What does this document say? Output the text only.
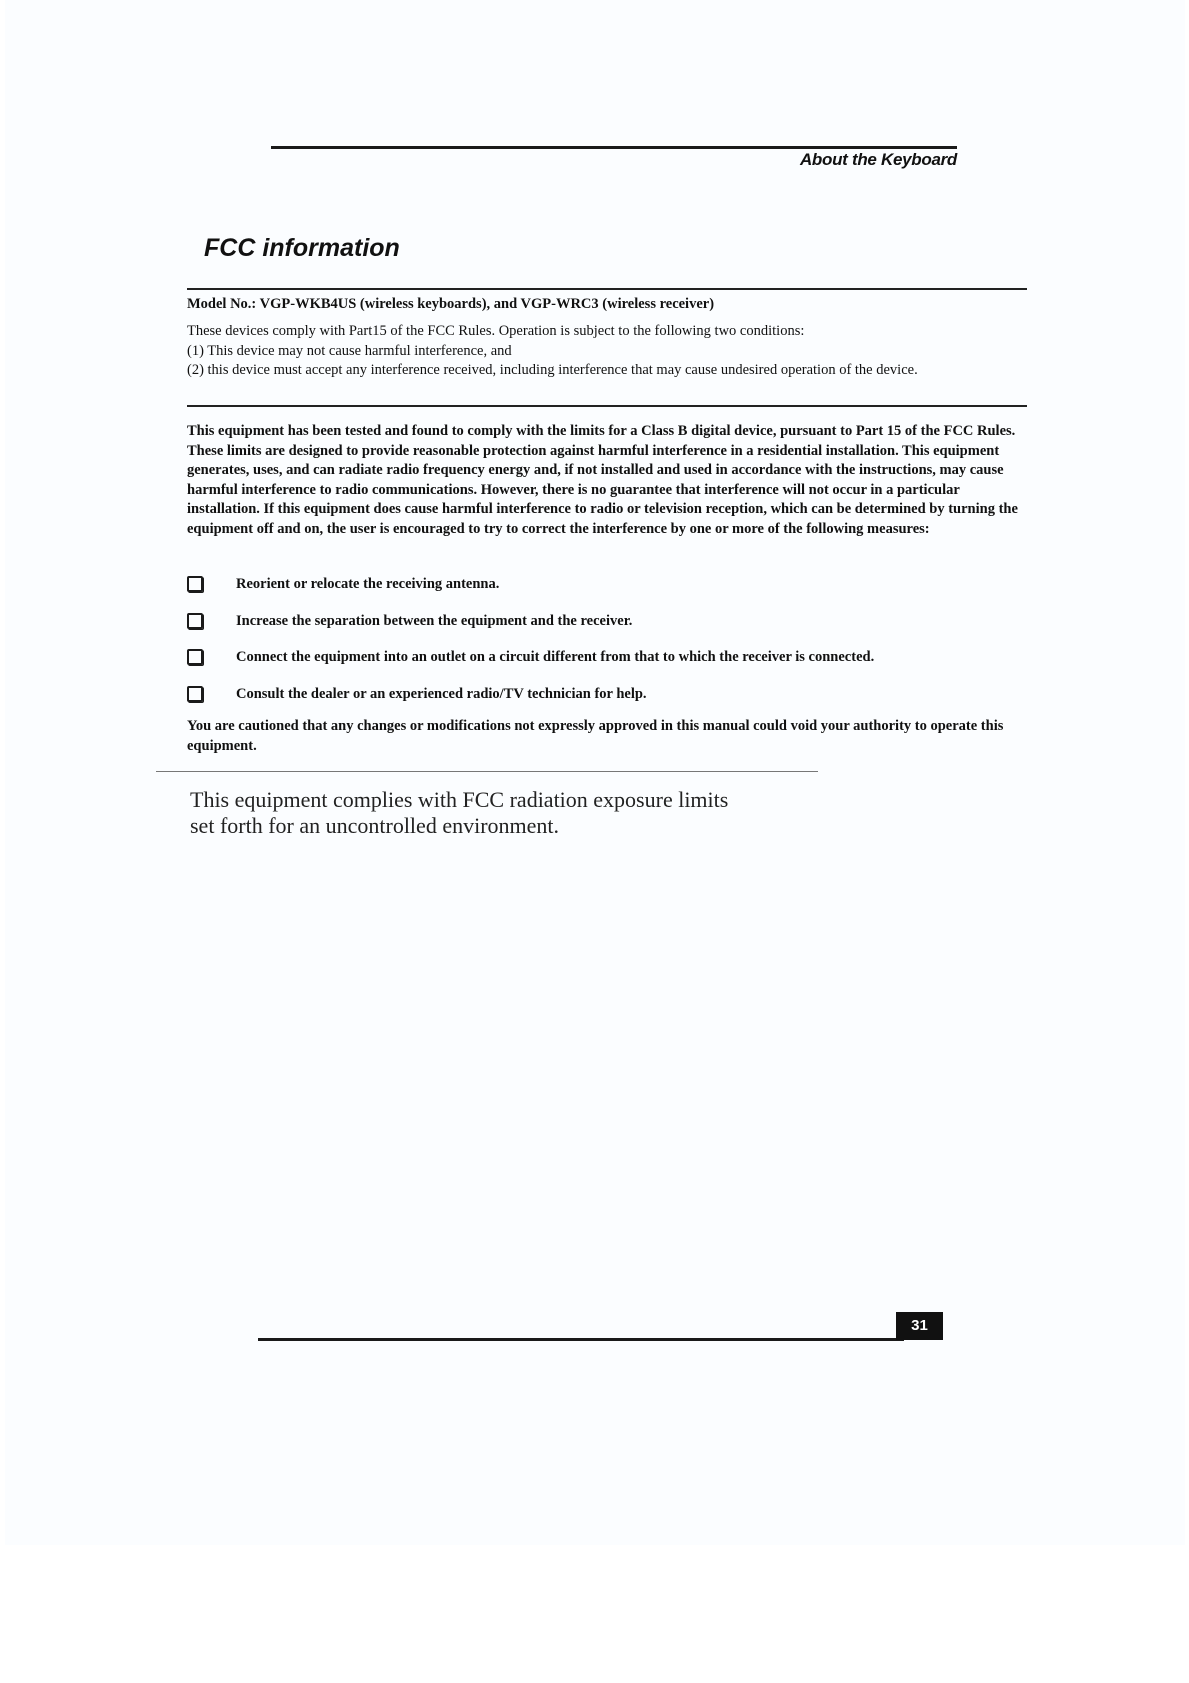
About the Keyboard
FCC information
Model No.: VGP-WKB4US (wireless keyboards), and VGP-WRC3 (wireless receiver)

These devices comply with Part15 of the FCC Rules. Operation is subject to the following two conditions:

(1) This device may not cause harmful interference, and

(2) this device must accept any interference received, including interference that may cause undesired operation of the device.

This equipment has been tested and found to comply with the limits for a Class B digital device, pursuant to Part 15 of the FCC Rules. These limits are designed to provide reasonable protection against harmful interference in a residential installation. This equipment generates, uses, and can radiate radio frequency energy and, if not installed and used in accordance with the instructions, may cause harmful interference to radio communications. However, there is no guarantee that interference will not occur in a particular installation. If this equipment does cause harmful interference to radio or television reception, which can be determined by turning the equipment off and on, the user is encouraged to try to correct the interference by one or more of the following measures:

Reorient or relocate the receiving antenna.
Increase the separation between the equipment and the receiver.
Connect the equipment into an outlet on a circuit different from that to which the receiver is connected.
Consult the dealer or an experienced radio/TV technician for help.

You are cautioned that any changes or modifications not expressly approved in this manual could void your authority to operate this equipment.

This equipment complies with FCC radiation exposure limits

set forth for an uncontrolled environment.

31
